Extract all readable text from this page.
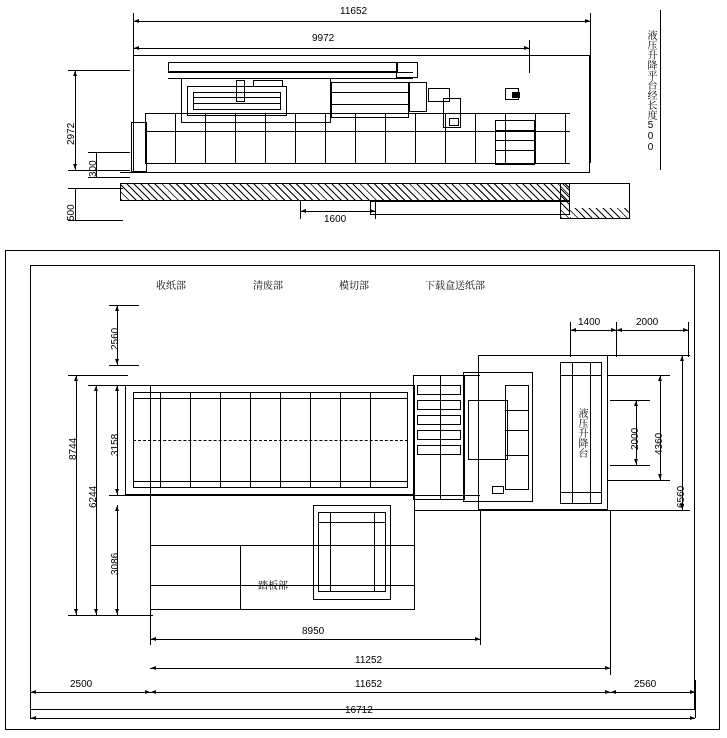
11652
9972
2972
300
500	1600
液压升降平台经长度500
收纸部	清废部	模切部	下载盒送纸部
液压升降台
踏板部
8744
6244
3158
3086
2560
2000 4360
6560
1400	2000
8950
11252
11652
2500	2560
16712
